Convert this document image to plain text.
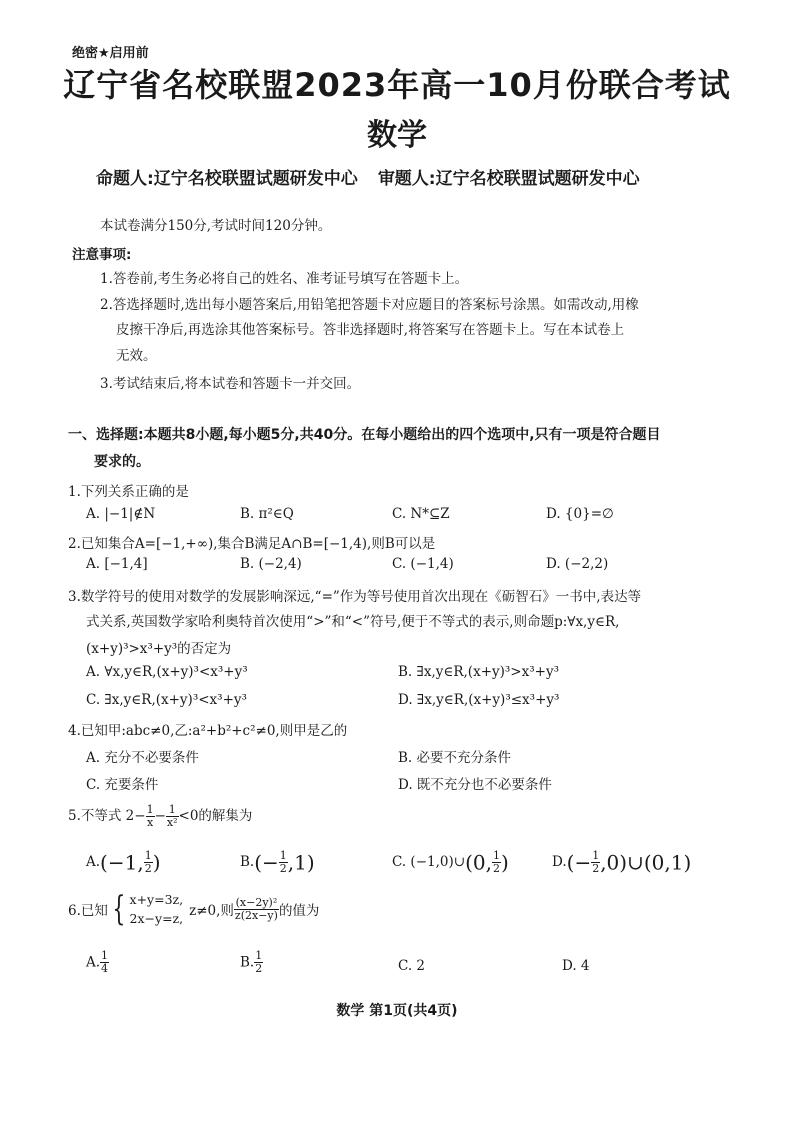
绝密★启用前
辽宁省名校联盟2023年高一10月份联合考试
数学
命题人:辽宁名校联盟试题研发中心 审题人:辽宁名校联盟试题研发中心
本试卷满分150分,考试时间120分钟。
注意事项:
1.答卷前,考生务必将自己的姓名、准考证号填写在答题卡上。
2.答选择题时,选出每小题答案后,用铅笔把答题卡对应题目的答案标号涂黑。如需改动,用橡
皮擦干净后,再选涂其他答案标号。答非选择题时,将答案写在答题卡上。写在本试卷上
无效。
3.考试结束后,将本试卷和答题卡一并交回。
一、选择题:本题共8小题,每小题5分,共40分。在每小题给出的四个选项中,只有一项是符合题目
要求的。
1.下列关系正确的是
A. |−1|∉N	B. π²∈Q	C. N*⊆Z	D. {0}=∅
2.已知集合A=[−1,+∞),集合B满足A∩B=[−1,4),则B可以是
A. [−1,4]	B. (−2,4)	C. (−1,4)	D. (−2,2)
3.数学符号的使用对数学的发展影响深远,“=”作为等号使用首次出现在《砺智石》一书中,表达等
式关系,英国数学家哈利奥特首次使用“>”和“<”符号,便于不等式的表示,则命题p:∀x,y∈R,
(x+y)³>x³+y³的否定为
A. ∀x,y∈R,(x+y)³<x³+y³	B. ∃x,y∈R,(x+y)³>x³+y³
C. ∃x,y∈R,(x+y)³<x³+y³	D. ∃x,y∈R,(x+y)³≤x³+y³
4.已知甲:abc≠0,乙:a²+b²+c²≠0,则甲是乙的
A. 充分不必要条件	B. 必要不充分条件
C. 充要条件	D. 既不充分也不必要条件
5.不等式 $2- \frac{1}{x} - \frac{1}{\text{x²}} <0$的解集为
A.(−1, $\frac{1}{2}$ )	$B.(- \frac{1}{2} ,1)$	C. (−1,0)∪(0, $\frac{1}{2}$ )	$D.(- \frac{1}{2}$ ,0)∪(0,1)
6.已知 { x+y=3z,
2x−y=z, z≠0,则 $\frac{\text{(x−2y)²}}{z(2x-y)}$ 的值为
A. $\frac{1}{4}$	B. $\frac{1}{2}$	C. 2	D. 4
数学 第1页(共4页)
